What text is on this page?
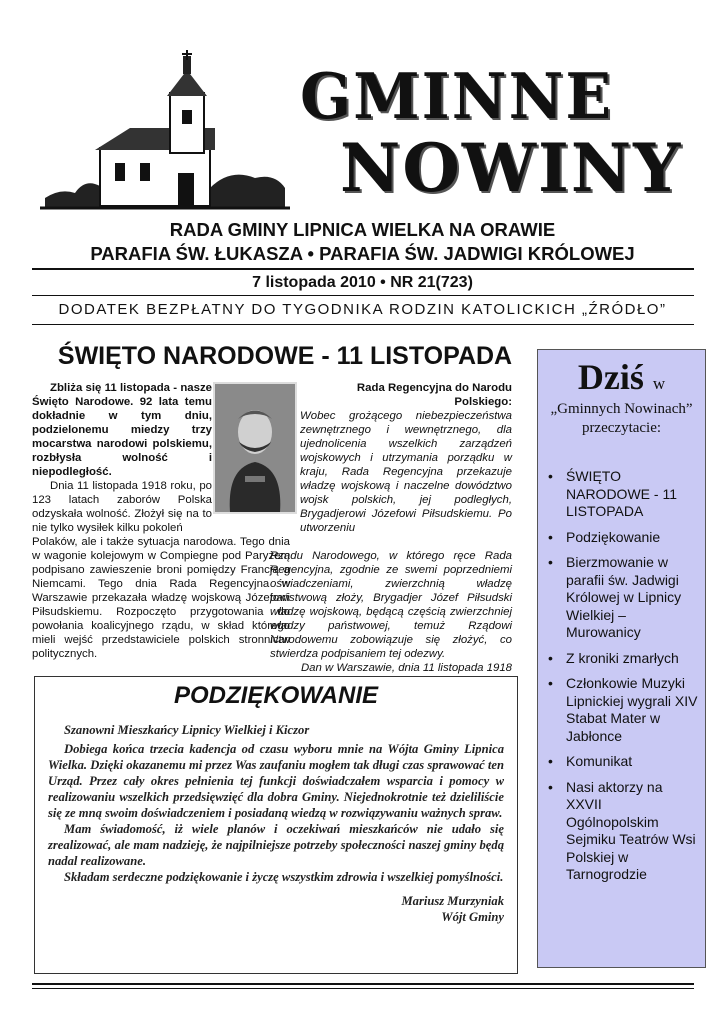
GMINNE
NOWINY
RADA GMINY LIPNICA WIELKA NA ORAWIE
PARAFIA ŚW. ŁUKASZA • PARAFIA ŚW. JADWIGI KRÓLOWEJ
7 listopada 2010 • NR 21(723)
DODATEK BEZPŁATNY DO TYGODNIKA RODZIN KATOLICKICH „ŹRÓDŁO”
ŚWIĘTO NARODOWE - 11 LISTOPADA

Zbliża się 11 listopada - nasze Święto Narodowe. 92 lata temu dokładnie w tym dniu, podzielonemu miedzy trzy mocarstwa narodowi polskiemu, rozbłysła wolność i niepodległość.

Dnia 11 listopada 1918 roku, po 123 latach zaborów Polska odzyskała wolność. Złożył się na to nie tylko wysiłek kilku pokoleń

Polaków, ale i także sytuacja narodowa. Tego dnia w wagonie kolejowym w Compiegne pod Paryżem podpisano zawieszenie broni pomiędzy Francją a Niemcami. Tego dnia Rada Regencyjna w Warszawie przekazała władzę wojskową Józefowi Piłsudskiemu. Rozpoczęto przygotowania do powołania koalicyjnego rządu, w skład którego mieli wejść przedstawiciele polskich stronnictw politycznych.

Rada Regencyjna do Narodu Polskiego:

Wobec grożącego niebezpieczeństwa zewnętrznego i wewnętrznego, dla ujednolicenia wszelkich zarządzeń wojskowych i utrzymania porządku w kraju, Rada Regencyjna przekazuje władzę wojskową i naczelne dowództwo wojsk polskich, jej podległych, Brygadjerowi Józefowi Piłsudskiemu. Po utworzeniu

Rządu Narodowego, w którego ręce Rada Regencyjna, zgodnie ze swemi poprzedniemi oświadczeniami, zwierzchnią władzę państwową złoży, Brygadjer Józef Piłsudski władzę wojskową, będącą częścią zwierzchniej władzy państwowej, temuż Rządowi Narodowemu zobowiązuje się złożyć, co stwierdza podpisaniem tej odezwy.

Dan w Warszawie, dnia 11 listopada 1918

PODZIĘKOWANIE

Szanowni Mieszkańcy Lipnicy Wielkiej i Kiczor

Dobiega końca trzecia kadencja od czasu wyboru mnie na Wójta Gminy Lipnica Wielka. Dzięki okazanemu mi przez Was zaufaniu mogłem tak długi czas sprawować ten Urząd. Przez cały okres pełnienia tej funkcji doświadczałem wsparcia i pomocy w realizowaniu wszelkich przedsięwzięć dla dobra Gminy. Niejednokrotnie też dzieliliście się ze mną swoim doświadczeniem i posiadaną wiedzą w rozwiązywaniu ważnych spraw.

Mam świadomość, iż wiele planów i oczekiwań mieszkańców nie udało się zrealizować, ale mam nadzieję, że najpilniejsze potrzeby społeczności naszej gminy będą nadal realizowane.

Składam serdeczne podziękowanie i życzę wszystkim zdrowia i wszelkiej pomyślności.

Mariusz Murzyniak

Wójt Gminy

Dziś w
„Gminnych Nowinach”
przeczytacie:
• ŚWIĘTO NARODOWE - 11 LISTOPADA
• Podziękowanie
• Bierzmowanie w parafii św. Jadwigi Królowej w Lipnicy Wielkiej – Murowanicy
• Z kroniki zmarłych
• Członkowie Muzyki Lipnickiej wygrali XIV Stabat Mater w Jabłonce
• Komunikat
• Nasi aktorzy na XXVII Ogólnopolskim Sejmiku Teatrów Wsi Polskiej w Tarnogrodzie
